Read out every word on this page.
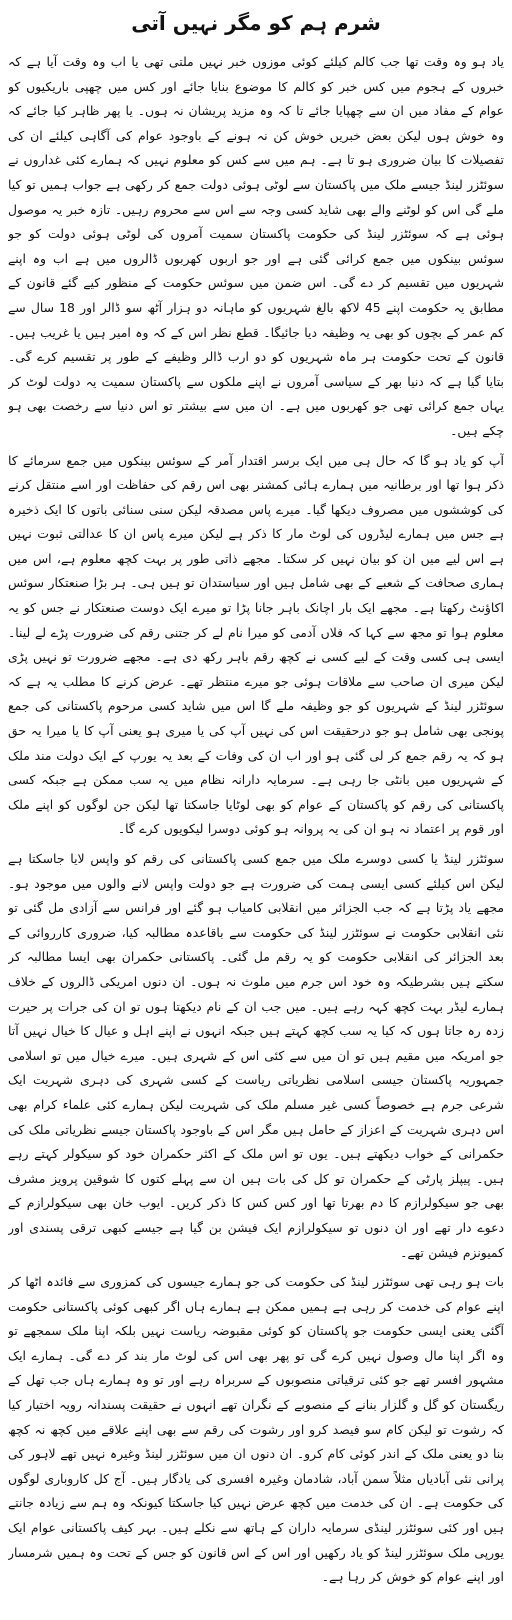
شرم ہم کو مگر نہیں آتی

یاد ہو وہ وقت تھا جب کالم کیلئے کوئی موزوں خبر نہیں ملتی تھی یا اب وہ وقت آیا ہے کہ خبروں کے ہجوم میں کس خبر کو کالم کا موضوع بنایا جائے اور کس میں چھپی باریکیوں کو عوام کے مفاد میں ان سے چھپایا جائے تا کہ وہ مزید پریشان نہ ہوں۔ یا پھر ظاہر کیا جائے کہ وہ خوش ہوں لیکن بعض خبریں خوش کن نہ ہونے کے باوجود عوام کی آگاہی کیلئے ان کی تفصیلات کا بیان ضروری ہو تا ہے۔ ہم میں سے کس کو معلوم نہیں کہ ہمارے کئی غداروں نے سوئٹزر لینڈ جیسے ملک میں پاکستان سے لوٹی ہوئی دولت جمع کر رکھی ہے جواب ہمیں تو کیا ملے گی اس کو لوٹنے والے بھی شاید کسی وجہ سے اس سے محروم رہیں۔ تازہ خبر یہ موصول ہوئی ہے کہ سوئٹزر لینڈ کی حکومت پاکستان سمیت آمروں کی لوٹی ہوئی دولت کو جو سوئس بینکوں میں جمع کرائی گئی ہے اور جو اربوں کھربوں ڈالروں میں ہے اب وہ اپنے شہریوں میں تقسیم کر دے گی۔ اس ضمن میں سوئس حکومت کے منظور کیے گئے قانون کے مطابق یہ حکومت اپنے 45 لاکھ بالغ شہریوں کو ماہانہ دو ہزار آٹھ سو ڈالر اور 18 سال سے کم عمر کے بچوں کو بھی یہ وظیفہ دیا جائیگا۔ قطع نظر اس کے کہ وہ امیر ہیں یا غریب ہیں۔ قانون کے تحت حکومت ہر ماہ شہریوں کو دو ارب ڈالر وظیفے کے طور پر تقسیم کرے گی۔ بتایا گیا ہے کہ دنیا بھر کے سیاسی آمروں نے اپنے ملکوں سے پاکستان سمیت یہ دولت لوٹ کر یہاں جمع کرائی تھی جو کھربوں میں ہے۔ ان میں سے بیشتر تو اس دنیا سے رخصت بھی ہو چکے ہیں۔

آپ کو یاد ہو گا کہ حال ہی میں ایک برسر اقتدار آمر کے سوئس بینکوں میں جمع سرمائے کا ذکر ہوا تھا اور برطانیہ میں ہمارے ہائی کمشنر بھی اس رقم کی حفاظت اور اسے منتقل کرنے کی کوششوں میں مصروف دیکھا گیا۔ میرے پاس مصدقہ لیکن سنی سنائی باتوں کا ایک ذخیرہ ہے جس میں ہمارے لیڈروں کی لوٹ مار کا ذکر ہے لیکن میرے پاس ان کا عدالتی ثبوت نہیں ہے اس لیے میں ان کو بیان نہیں کر سکتا۔ مجھے ذاتی طور پر بہت کچھ معلوم ہے، اس میں ہماری صحافت کے شعبے کے بھی شامل ہیں اور سیاستدان تو ہیں ہی۔ ہر بڑا صنعتکار سوئس اکاؤنٹ رکھتا ہے۔ مجھے ایک بار اچانک باہر جانا پڑا تو میرے ایک دوست صنعتکار نے جس کو یہ معلوم ہوا تو مجھ سے کہا کہ فلاں آدمی کو میرا نام لے کر جتنی رقم کی ضرورت پڑے لے لینا۔ ایسی ہی کسی وقت کے لیے کسی نے کچھ رقم باہر رکھ دی ہے۔ مجھے ضرورت تو نہیں پڑی لیکن میری ان صاحب سے ملاقات ہوئی جو میرے منتظر تھے۔ عرض کرنے کا مطلب یہ ہے کہ سوئٹزر لینڈ کے شہریوں کو جو وظیفہ ملے گا اس میں شاید کسی مرحوم پاکستانی کی جمع پونجی بھی شامل ہو جو درحقیقت اس کی نہیں آپ کی یا میری ہو یعنی آپ کا یا میرا یہ حق ہو کہ یہ رقم جمع کر لی گئی ہو اور اب ان کی وفات کے بعد یہ یورپ کے ایک دولت مند ملک کے شہریوں میں بانٹی جا رہی ہے۔ سرمایہ دارانہ نظام میں یہ سب ممکن ہے جبکہ کسی پاکستانی کی رقم کو پاکستان کے عوام کو بھی لوٹایا جاسکتا تھا لیکن جن لوگوں کو اپنے ملک اور قوم پر اعتماد نہ ہو ان کی یہ پروانہ ہو کوئی دوسرا لیکویوں کرے گا۔

سوئٹزر لینڈ یا کسی دوسرے ملک میں جمع کسی پاکستانی کی رقم کو واپس لایا جاسکتا ہے لیکن اس کیلئے کسی ایسی ہمت کی ضرورت ہے جو دولت واپس لانے والوں میں موجود ہو۔ مجھے یاد پڑتا ہے کہ جب الجزائر میں انقلابی کامیاب ہو گئے اور فرانس سے آزادی مل گئی تو نئی انقلابی حکومت نے سوئٹزر لینڈ کی حکومت سے باقاعدہ مطالبہ کیا، ضروری کارروائی کے بعد الجزائر کی انقلابی حکومت کو یہ رقم مل گئی۔ پاکستانی حکمران بھی ایسا مطالبہ کر سکتے ہیں بشرطیکہ وہ خود اس جرم میں ملوث نہ ہوں۔ ان دنوں امریکی ڈالروں کے خلاف ہمارے لیڈر بہت کچھ کہہ رہے ہیں۔ میں جب ان کے نام دیکھتا ہوں تو ان کی جرات پر حیرت زدہ رہ جاتا ہوں کہ کیا یہ سب کچھ کہتے ہیں جبکہ انہوں نے اپنے اہل و عیال کا خیال نہیں آتا جو امریکہ میں مقیم ہیں تو ان میں سے کئی اس کے شہری ہیں۔ میرے خیال میں تو اسلامی جمہوریہ پاکستان جیسی اسلامی نظریاتی ریاست کے کسی شہری کی دہری شہریت ایک شرعی جرم ہے خصوصاً کسی غیر مسلم ملک کی شہریت لیکن ہمارے کئی علماء کرام بھی اس دہری شہریت کے اعزاز کے حامل ہیں مگر اس کے باوجود پاکستان جیسے نظریاتی ملک کی حکمرانی کے خواب دیکھتے ہیں۔ یوں تو اس ملک کے اکثر حکمران خود کو سیکولر کہتے رہے ہیں۔ پیپلز پارٹی کے حکمران تو کل کی بات ہیں ان سے پہلے کتوں کا شوقین پرویز مشرف بھی جو سیکولرازم کا دم بھرتا تھا اور کس کس کا ذکر کریں۔ ایوب خان بھی سیکولرازم کے دعوے دار تھے اور ان دنوں تو سیکولرازم ایک فیشن بن گیا ہے جیسے کبھی ترقی پسندی اور کمیونزم فیشن تھے۔

بات ہو رہی تھی سوئٹزر لینڈ کی حکومت کی جو ہمارے جیسوں کی کمزوری سے فائدہ اٹھا کر اپنے عوام کی خدمت کر رہی ہے ہمیں ممکن ہے ہمارے ہاں اگر کبھی کوئی پاکستانی حکومت آگئی یعنی ایسی حکومت جو پاکستان کو کوئی مقبوضہ ریاست نہیں بلکہ اپنا ملک سمجھے تو وہ اگر اپنا مال وصول نہیں کرے گی تو پھر بھی اس کی لوٹ مار بند کر دے گی۔ ہمارے ایک مشہور افسر تھے جو کئی ترقیاتی منصوبوں کے سربراہ رہے اور تو وہ ہمارے ہاں جب تھل کے ریگستان کو گل و گلزار بنانے کے منصوبے کے نگران تھے انہوں نے حقیقت پسندانہ رویہ اختیار کیا کہ رشوت تو لیکن کام سو فیصد کرو اور رشوت کی رقم سے بھی اپنے علاقے میں کچھ نہ کچھ بنا دو یعنی ملک کے اندر کوئی کام کرو۔ ان دنوں ان میں سوئٹزر لینڈ وغیرہ نہیں تھے لاہور کی پرانی نئی آبادیاں مثلاً سمن آباد، شادمان وغیرہ افسری کی یادگار ہیں۔ آج کل کاروباری لوگوں کی حکومت ہے۔ ان کی خدمت میں کچھ عرض نہیں کیا جاسکتا کیونکہ وہ ہم سے زیادہ جانتے ہیں اور کئی سوئٹزر لینڈی سرمایہ داران کے ہاتھ سے نکلے ہیں۔ بہر کیف پاکستانی عوام ایک یورپی ملک سوئٹزر لینڈ کو یاد رکھیں اور اس کے اس قانون کو جس کے تحت وہ ہمیں شرمسار اور اپنے عوام کو خوش کر رہا ہے۔
